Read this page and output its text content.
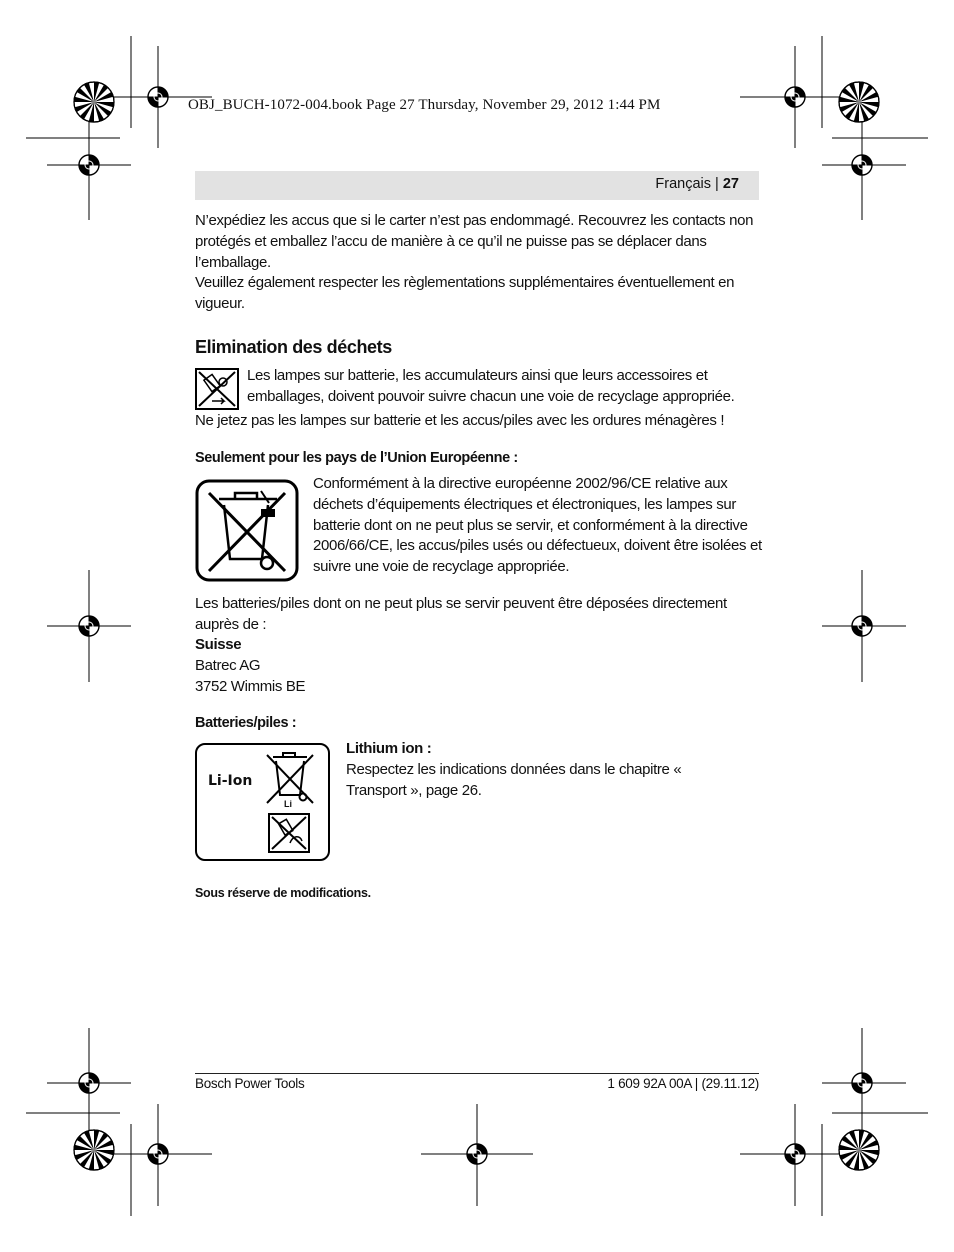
OBJ_BUCH-1072-004.book Page 27 Thursday, November 29, 2012 1:44 PM
Français | 27
N’expédiez les accus que si le carter n’est pas endommagé. Recouvrez les contacts non protégés et emballez l’accu de manière à ce qu’il ne puisse pas se déplacer dans l’emballage.
Veuillez également respecter les règlementations supplémentaires éventuellement en vigueur.
Elimination des déchets
Les lampes sur batterie, les accumulateurs ainsi que leurs accessoires et emballages, doivent pouvoir suivre chacun une voie de recyclage appropriée.
Ne jetez pas les lampes sur batterie et les accus/piles avec les ordures ménagères !
Seulement pour les pays de l’Union Européenne :
Conformément à la directive européenne 2002/96/CE relative aux déchets d’équipements électriques et électroniques, les lampes sur batterie dont on ne peut plus se servir, et conformément à la directive 2006/66/CE, les accus/piles usés ou défectueux, doivent être isolées et suivre une voie de recyclage appropriée.
Les batteries/piles dont on ne peut plus se servir peuvent être déposées directement auprès de :
Suisse
Batrec AG
3752 Wimmis BE
Batteries/piles :
Li-Ion
Li
Lithium ion :
Respectez les indications données dans le chapitre « Transport », page 26.
Sous réserve de modifications.
Bosch Power Tools	1 609 92A 00A | (29.11.12)
